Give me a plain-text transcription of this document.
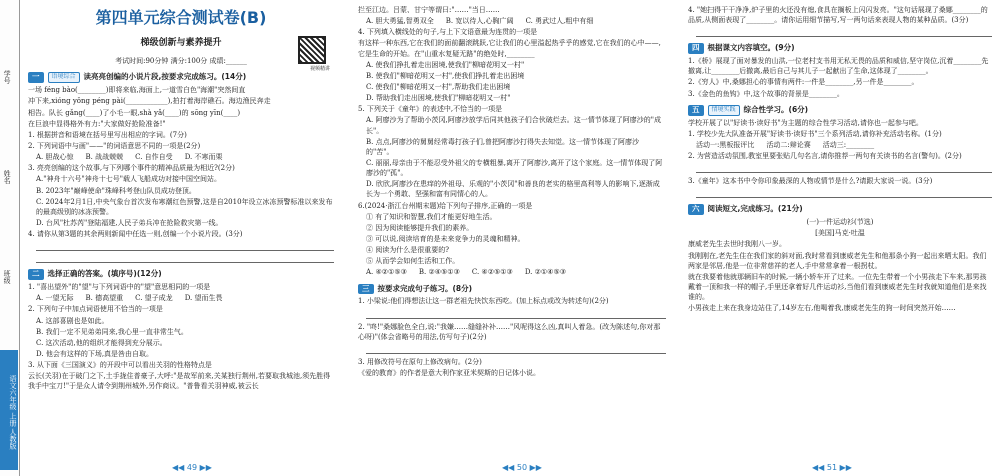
学号
姓名
班级
语文六年级 上册 人教版
第四单元综合测试卷(B)
梯级创新与素养提升
考试时间:90分钟 满分:100分 成绩:______
视频精讲
一	语境综合	读亮亮创编的小说片段,按要求完成练习。(14分)
一场 féng bào(________)即将来临,海面上,一道雪白色"海潮"突然间直
冲下来,xióng yǒng péng pài(____________),拍打着海岸礁石。海边渔民奔走
相告。队长 gǎng(____)了小毛一眼,shà yǎ(____)的 sōng yīn(____)
在巨浪中显得格外有力:"大家做好抢险准备!"
1. 根据拼音和语境在括号里写出相应的字词。(7分)
2. 下列词语中与画"——"的词语意思不同的一项是(2分)
A. 胆战心惊 B. 战战兢兢 C. 自作自受 D. 不寒而栗
3. 亮亮创编的这个故事,与下列哪个事件的精神品质最为相近?(2分)
A."神舟十六号"神舟十七号"载人飞船成功对接中国空间站。
B. 2023年"巅峰使命"珠峰科考登山队员成功登顶。
C. 2024年2月1日,中央气象台首次发布寒潮红色预警,这是自2010年设立冰冻预警标准以来发布的最高级别的冰冻预警。
D. 台风"杜苏芮"登陆福建,人民子弟兵冲在抢险救灾第一线。
4. 请你从第3题的其余两则新闻中任选一则,创编一个小说片段。(3分)
二	选择正确的答案。(填序号)(12分)
1. "喜出望外"的"望"与下列词语中的"望"意思相同的一项是
A. 一望无际 B. 德高望重 C. 望子成龙 D. 望而生畏
2. 下列句子中加点词语使用不恰当的一项是
A. 这部喜剧也是如此。
B. 我们一定不见弟弟同来,我心里一直非常生气。
C. 这次活动,他的组织才能得到充分展示。
D. 他会有这样的下场,真是咎由自取。
3. 从下面《三国演义》的开段中可以看出关羽的性格特点是
云长(关羽)在于破门之下,土手拢住普豪子,大呼:"是故军前来,关某独行荆州,若要取我城池,须先胜得我手中宝刀!"于是众人请令到荆州城外,另作商议。"普鲁看关羽神威,被云长
◀◀ 49 ▶▶
拦至江边。吕蒙、甘宁等谓曰:"……"当日……
A. 胆大勇猛,智勇双全 B. 宽以待人,心胸广阔 C. 勇武过人,粗中有细
4. 下列填入横线处的句子,与上下文语意最为连贯的一项是
有这样一种东西,它在我们的面前翻滚跳跃,它让我们的心里溢起热乎乎的感觉,它在我们的心中——,它是生命的开始。在"山重水复疑无路"的绝处时,________
A. 使我们挣扎着走出困境,使我们"柳暗花明又一村"
B. 使我们"柳暗花明又一村",使我们挣扎着走出困境
C. 使我们"柳暗花明又一村",帮助我们走出困境
D. 帮助我们走出困境,使我们"柳暗花明又一村"
5. 下列关于《童年》的表述中,不恰当的一项是
A. 阿廖沙为了帮助小茨冈,阿廖沙放学后同其他孩子们合伙破烂去。这一情节体现了阿廖沙的"成长"。
B. 点点,阿廖沙的舅舅经常毒打孩子们,曾把阿廖沙打得失去知觉。这一情节体现了阿廖沙的"苦"。
C. 丽丽,母亲由于不能忍受外祖父的专横粗暴,离开了阿廖沙,离开了这个家庭。这一情节体现了阿廖沙的"孤"。
D. 欣欣,阿廖沙在患痒的外祖母、乐观的"小茨冈"和善良的老实的格里高利等人的影响下,逐渐成长为一个勇敢、坚强和富有同情心的人。
6.(2024·浙江台州期末题)给下列句子排序,正确的一项是
① 有了知识和智慧,我们才能更好地生活。
② 因为阅读能够提升我们的素养。
③ 可以说,阅读培育的是未来竞争力的灵魂和精神。
④ 阅读为什么是很重要的?
⑤ 从而学会如何生活和工作。
A. ④②①⑤③ B. ②④⑤①③ C. ④②⑤①③ D. ②①④⑤③
三	按要求完成句子练习。(8分)
1. 小梁说:他们得想法让这一群老祖先快饮东西吃。(加上标点或改为转述句)(2分)
2. "咚!"桑娜脸色全白,说:"我嫌……缝缝补补……"风呢得这么凶,真叫人着急。(改为陈述句,你对那心呀)"(体会省略号的用法,仿写句子)(2分)
3. 用修改符号在原句上修改病句。(2分)
《爱的教育》的作者是意大利作家亚米契斯的日记体小说。
◀◀ 50 ▶▶
4. "她扫得干干净净,炉子里的火还没有熄,食具在搁板上闪闪发亮。"这句话展现了桑娜________的品质,从侧面表现了________。请你运用细节描写,写一两句话来表现人物的某种品质。(3分)
四	根据课文内容填空。(9分)
1.《桥》展现了面对暴发的山洪,一位老村支书用无私无畏的品质和威信,坚守岗位,沉着________先撤离,让________后撤离,最后自己与其儿子一起献出了生命,这体现了________。
2.《穷人》中,桑娜担心的事情有两件:一件是________,另一件是________。
3.《金色的鱼钩》中,这个故事的背景是________。
五	情境实践	综合性学习。(6分)
学校开展了以"好读书·读好书"为主题的综合性学习活动,请你也一起参与吧。
1. 学校少先大队准备开展"好读书·读好书"三个系列活动,请你补充活动名称。(1分)
活动一:黑板报评比 活动二:辩论赛 活动三:________
2. 为营造活动氛围,教室里要张贴几句名言,请你推荐一两句有关读书的名言(警句)。(2分)
3.《童年》这本书中令你印象最深的人物或情节是什么?请跟大家说一说。(3分)
六	阅读短文,完成练习。(21分)
(一)一件运动衫(节选)
[美国]马克·吐温
康威老先生去世时我刚八一岁。
我刚刚在,老先生住在我们家的斜对面,我时常看到康威老先生和他那条小狗一起出来晒太阳。我们两家是邻居,他是一位非常慈祥的老人,手中常常拿着一根拐杖。
就在我要着他就那辆旧车的时候,一辆小轿车开了过来。一位先生带着一个小男孩走下车来,那男孩戴着一顶和我一样的帽子,手里还拿着好几件运动衫,当他们看到康威老先生时我就知道他们是来找谁的。
小男孩走上来在我身边站住了,14岁左右,他喝着我,康威老先生的狗一时间突然开始……
◀◀ 51 ▶▶
